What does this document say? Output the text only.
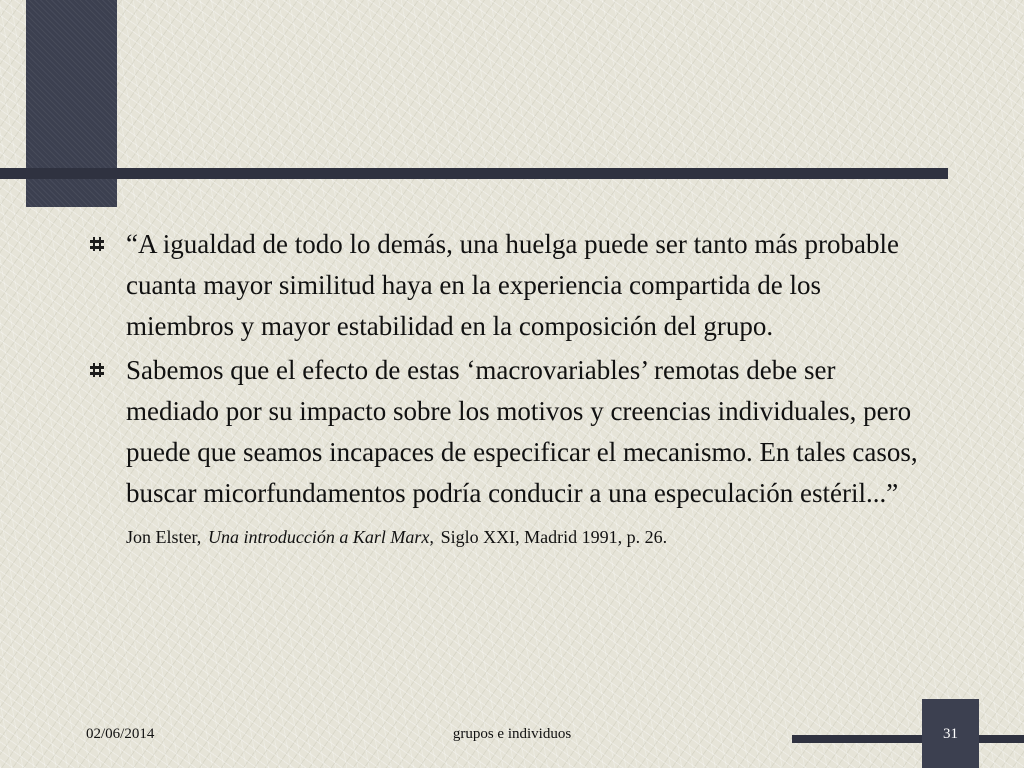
“A igualdad de todo lo demás, una huelga puede ser tanto más probable cuanta mayor similitud haya en la experiencia compartida de los miembros y mayor estabilidad en la composición del grupo.
Sabemos que el efecto de estas ‘macrovariables’ remotas debe ser mediado por su impacto sobre los motivos y creencias individuales, pero puede que seamos incapaces de especificar el mecanismo. En tales casos, buscar micorfundamentos podría conducir a una especulación estéril...” Jon Elster, Una introducción a Karl Marx, Siglo XXI, Madrid 1991, p. 26.
02/06/2014	grupos e individuos	31
